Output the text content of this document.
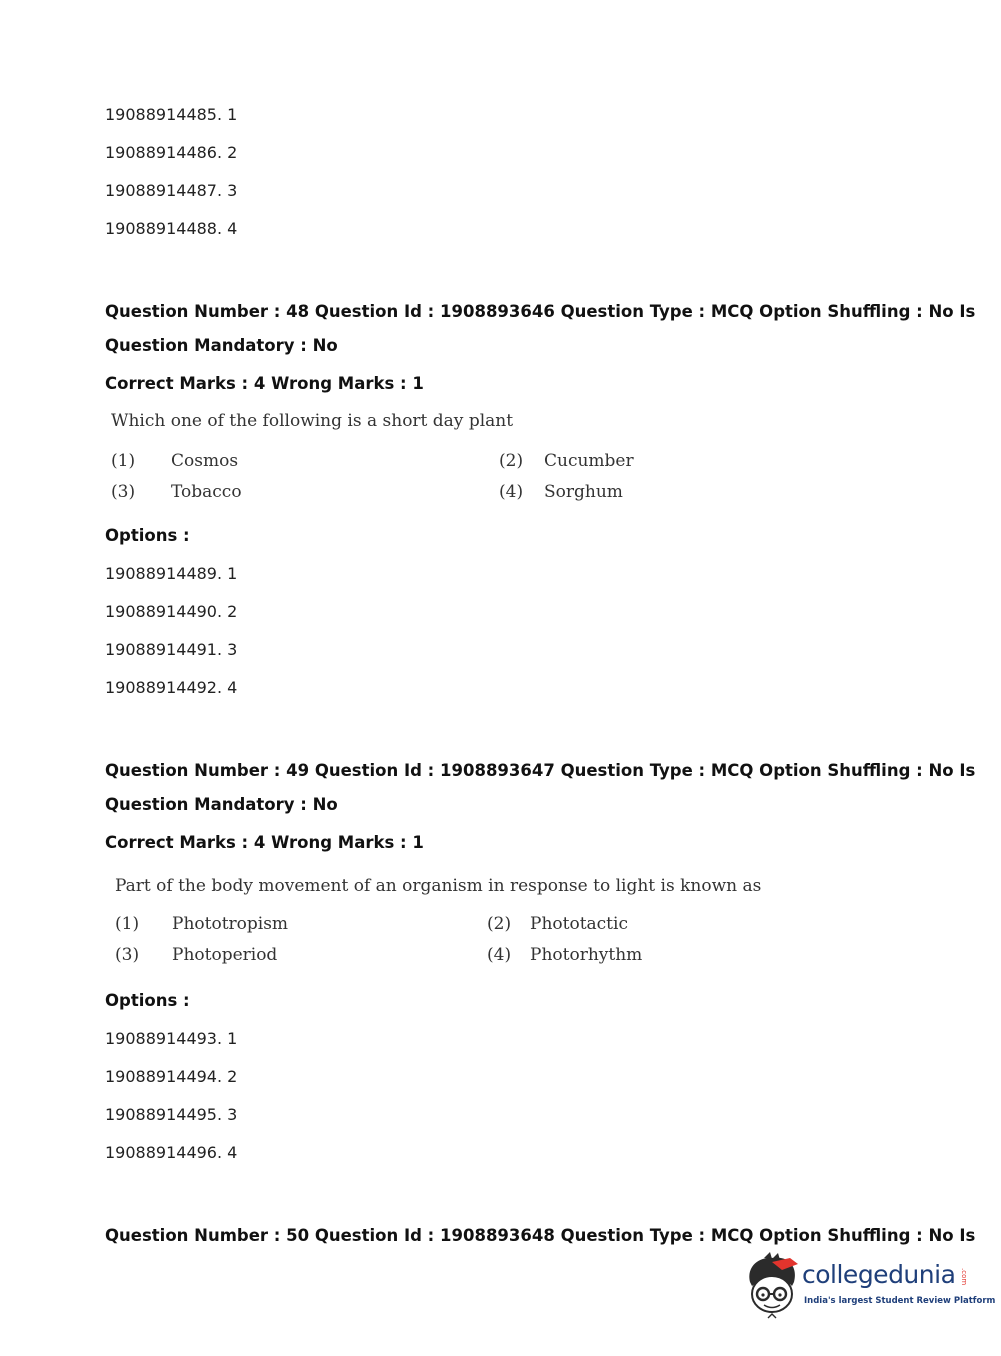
19088914485. 1
19088914486. 2
19088914487. 3
19088914488. 4
Question Number : 48 Question Id : 1908893646 Question Type : MCQ Option Shuffling : No Is
Question Mandatory : No
Correct Marks : 4 Wrong Marks : 1
Which one of the following is a short day plant
(1) Cosmos	(2) Cucumber
(3) Tobacco	(4) Sorghum
Options :
19088914489. 1
19088914490. 2
19088914491. 3
19088914492. 4
Question Number : 49 Question Id : 1908893647 Question Type : MCQ Option Shuffling : No Is
Question Mandatory : No
Correct Marks : 4 Wrong Marks : 1
Part of the body movement of an organism in response to light is known as
(1) Phototropism	(2) Phototactic
(3) Photoperiod	(4) Photorhythm
Options :
19088914493. 1
19088914494. 2
19088914495. 3
19088914496. 4
Question Number : 50 Question Id : 1908893648 Question Type : MCQ Option Shuffling : No Is
collegedunia .com
India's largest Student Review Platform
